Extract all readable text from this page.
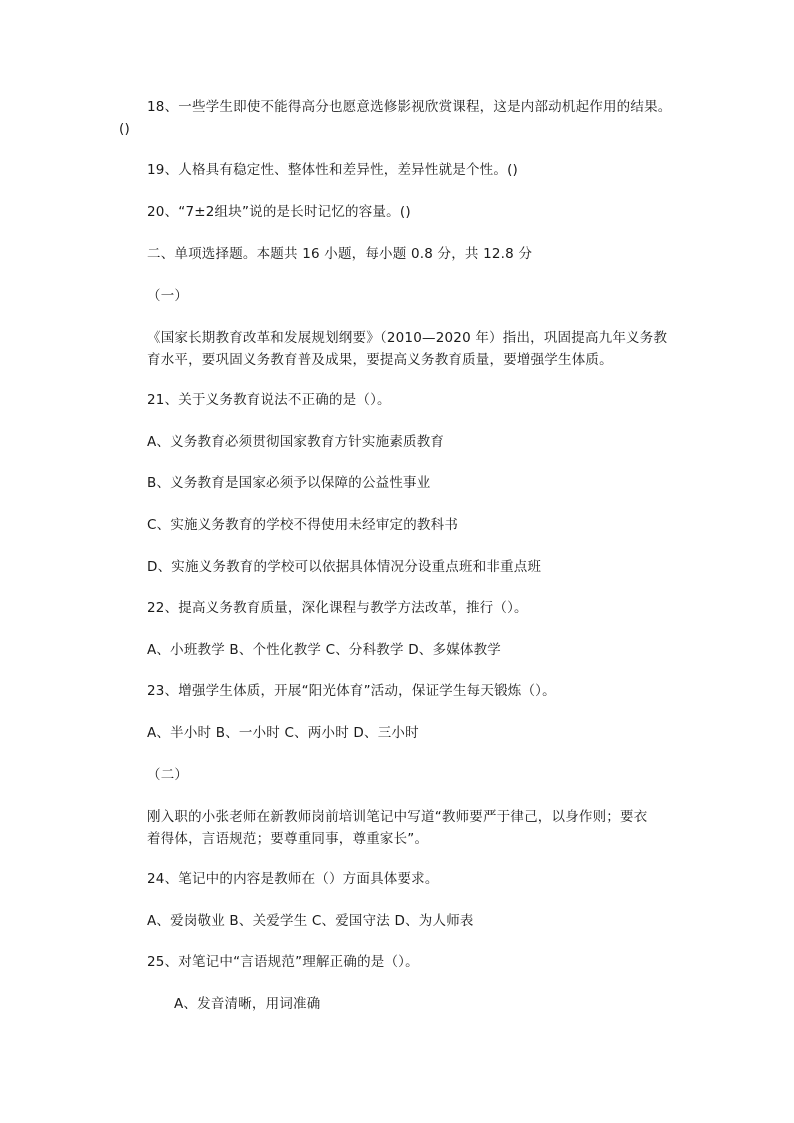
18、一些学生即使不能得高分也愿意选修影视欣赏课程，这是内部动机起作用的结果。
()
19、人格具有稳定性、整体性和差异性，差异性就是个性。()
20、“7±2组块”说的是长时记忆的容量。()
二、单项选择题。本题共 16 小题，每小题 0.8 分，共 12.8 分
（一）
《国家长期教育改革和发展规划纲要》（2010—2020 年）指出，巩固提高九年义务教
育水平，要巩固义务教育普及成果，要提高义务教育质量，要增强学生体质。
21、关于义务教育说法不正确的是（）。
A、义务教育必须贯彻国家教育方针实施素质教育
B、义务教育是国家必须予以保障的公益性事业
C、实施义务教育的学校不得使用未经审定的教科书
D、实施义务教育的学校可以依据具体情况分设重点班和非重点班
22、提高义务教育质量，深化课程与教学方法改革，推行（）。
A、小班教学 B、个性化教学 C、分科教学 D、多媒体教学
23、增强学生体质，开展“阳光体育”活动，保证学生每天锻炼（）。
A、半小时 B、一小时 C、两小时 D、三小时
（二）
刚入职的小张老师在新教师岗前培训笔记中写道“教师要严于律己，以身作则；要衣
着得体，言语规范；要尊重同事，尊重家长”。
24、笔记中的内容是教师在（）方面具体要求。
A、爱岗敬业 B、关爱学生 C、爱国守法 D、为人师表
25、对笔记中“言语规范”理解正确的是（）。
A、发音清晰，用词准确
